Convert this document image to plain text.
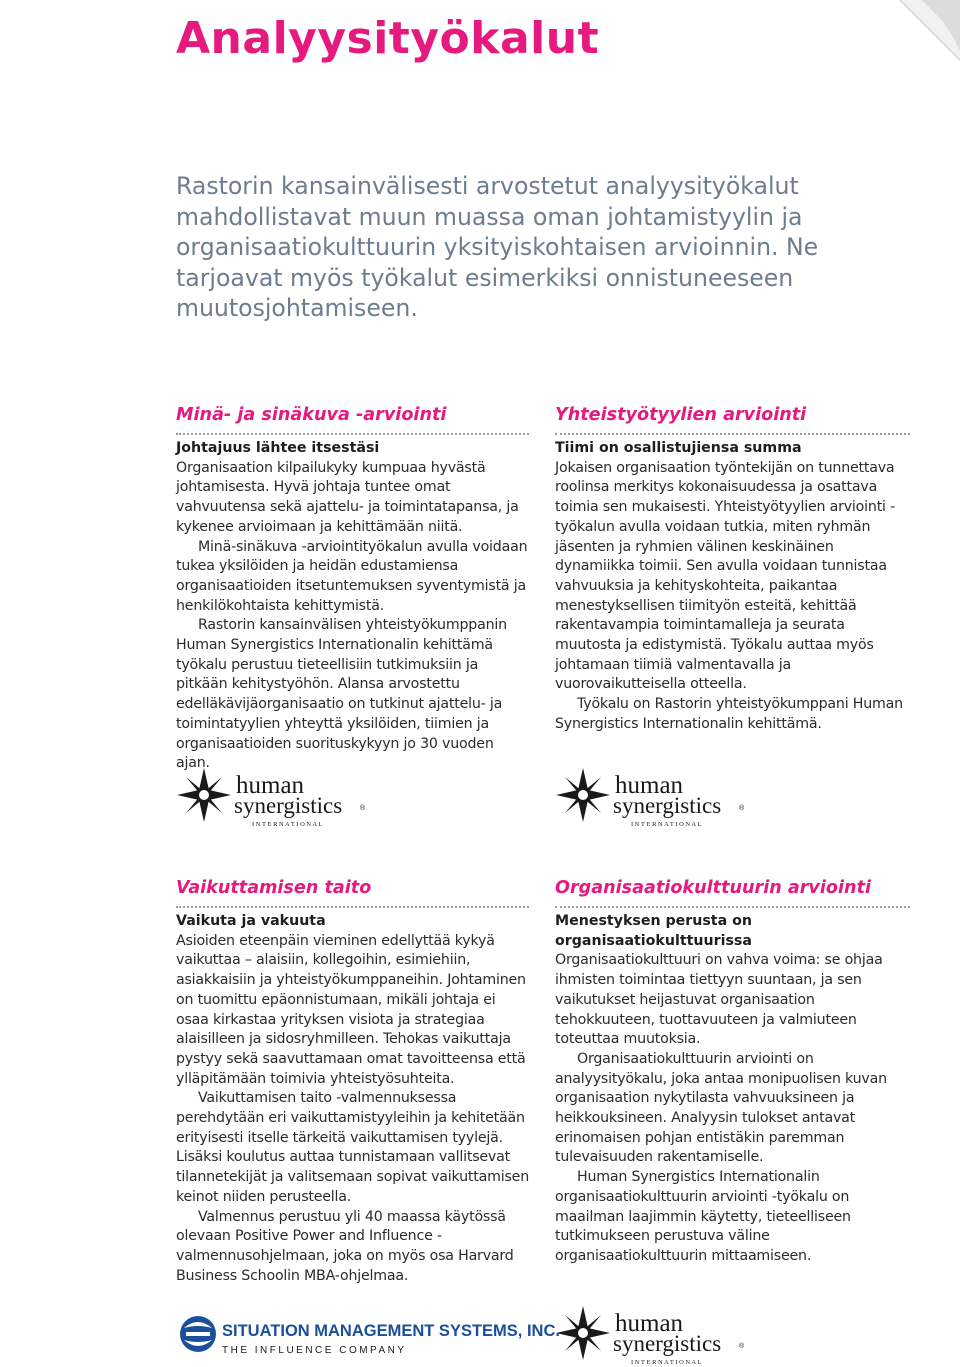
Analyysityökalut

Rastorin kansainvälisesti arvostetut analyysityökalut mahdollistavat muun muassa oman johtamistyylin ja organisaatiokulttuurin yksityiskohtaisen arvioinnin. Ne tarjoavat myös työkalut esimerkiksi onnistuneeseen muutosjohtamiseen.

Minä- ja sinäkuva -arviointi

Johtajuus lähtee itsestäsi

Organisaation kilpailukyky kumpuaa hyvästä johtamisesta. Hyvä johtaja tuntee omat vahvuutensa sekä ajattelu- ja toimintatapansa, ja kykenee arvioimaan ja kehittämään niitä.

Minä-sinäkuva -arviointityökalun avulla voidaan tukea yksilöiden ja heidän edustamiensa organisaatioiden itsetuntemuksen syventymistä ja henkilökohtaista kehittymistä.

Rastorin kansainvälisen yhteistyökumppanin Human Synergistics Internationalin kehittämä työkalu perustuu tieteellisiin tutkimuksiin ja pitkään kehitystyöhön. Alansa arvostettu edelläkävijäorganisaatio on tutkinut ajattelu- ja toimintatyylien yhteyttä yksilöiden, tiimien ja organisaatioiden suorituskykyyn jo 30 vuoden ajan.

Yhteistyötyylien arviointi

Tiimi on osallistujiensa summa

Jokaisen organisaation työntekijän on tunnettava roolinsa merkitys kokonaisuudessa ja osattava toimia sen mukaisesti. Yhteistyötyylien arviointi -työkalun avulla voidaan tutkia, miten ryhmän jäsenten ja ryhmien välinen keskinäinen dynamiikka toimii. Sen avulla voidaan tunnistaa vahvuuksia ja kehityskohteita, paikantaa menestyksellisen tiimityön esteitä, kehittää rakentavampia toimintamalleja ja seurata muutosta ja edistymistä. Työkalu auttaa myös johtamaan tiimiä valmentavalla ja vuorovaikutteisella otteella.

Työkalu on Rastorin yhteistyökumppani Human Synergistics Internationalin kehittämä.

human
synergistics	®
I N T E R N A T I O N A L
human
synergistics	®
I N T E R N A T I O N A L
Vaikuttamisen taito

Vaikuta ja vakuuta

Asioiden eteenpäin vieminen edellyttää kykyä vaikuttaa – alaisiin, kollegoihin, esimiehiin, asiakkaisiin ja yhteistyökumppaneihin. Johtaminen on tuomittu epäonnistumaan, mikäli johtaja ei osaa kirkastaa yrityksen visiota ja strategiaa alaisilleen ja sidosryhmilleen. Tehokas vaikuttaja pystyy sekä saavuttamaan omat tavoitteensa että ylläpitämään toimivia yhteistyösuhteita.

Vaikuttamisen taito -valmennuksessa perehdytään eri vaikuttamistyyleihin ja kehitetään erityisesti itselle tärkeitä vaikuttamisen tyylejä. Lisäksi koulutus auttaa tunnistamaan vallitsevat tilannetekijät ja valitsemaan sopivat vaikuttamisen keinot niiden perusteella.

Valmennus perustuu yli 40 maassa käytössä olevaan Positive Power and Influence -valmennusohjelmaan, joka on myös osa Harvard Business Schoolin MBA-ohjelmaa.

Organisaatiokulttuurin arviointi

Menestyksen perusta on organisaatiokulttuurissa

Organisaatiokulttuuri on vahva voima: se ohjaa ihmisten toimintaa tiettyyn suuntaan, ja sen vaikutukset heijastuvat organisaation tehokkuuteen, tuottavuuteen ja valmiuteen toteuttaa muutoksia.

Organisaatiokulttuurin arviointi on analyysityökalu, joka antaa monipuolisen kuvan organisaation nykytilasta vahvuuksineen ja heikkouksineen. Analyysin tulokset antavat erinomaisen pohjan entistäkin paremman tulevaisuuden rakentamiselle.

Human Synergistics Internationalin organisaatiokulttuurin arviointi -työkalu on maailman laajimmin käytetty, tieteelliseen tutkimukseen perustuva väline organisaatiokulttuurin mittaamiseen.

SITUATION MANAGEMENT SYSTEMS, INC.
THE INFLUENCE COMPANY
human
synergistics	®
I N T E R N A T I O N A L
